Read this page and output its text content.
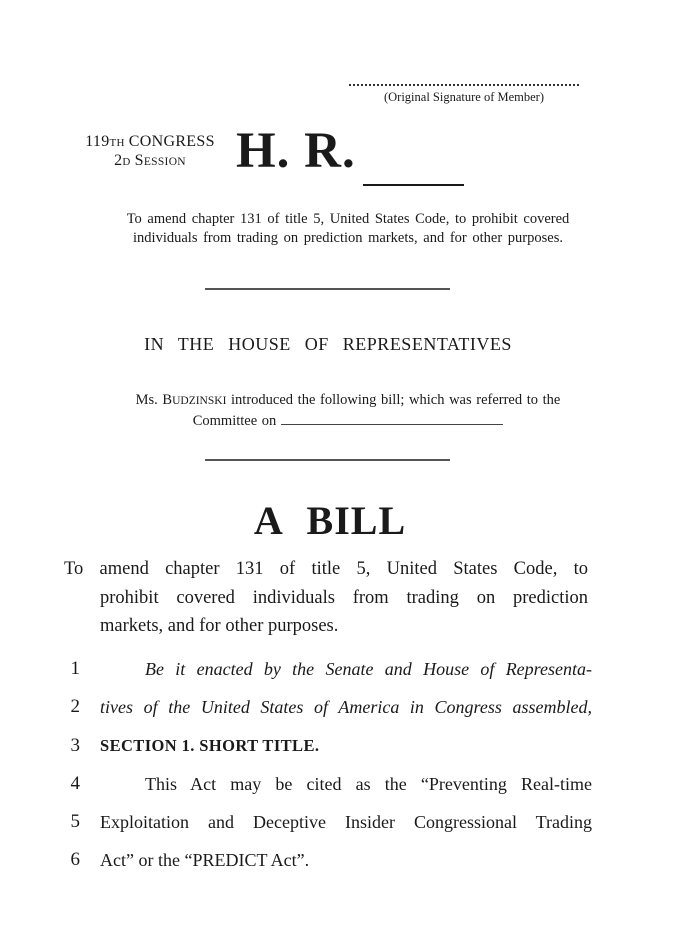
(Original Signature of Member)
119TH CONGRESS
2D SESSION H. R.
To amend chapter 131 of title 5, United States Code, to prohibit covered
individuals from trading on prediction markets, and for other purposes.
IN THE HOUSE OF REPRESENTATIVES
Ms. BUDZINSKI introduced the following bill; which was referred to the
Committee on
A BILL
To amend chapter 131 of title 5, United States Code, to
prohibit covered individuals from trading on prediction
markets, and for other purposes.
1	Be it enacted by the Senate and House of Representa-
2 tives of the United States of America in Congress assembled,
3 SECTION 1. SHORT TITLE.
4	This Act may be cited as the “Preventing Real-time
5 Exploitation and Deceptive Insider Congressional Trading
6 Act” or the “PREDICT Act”.
